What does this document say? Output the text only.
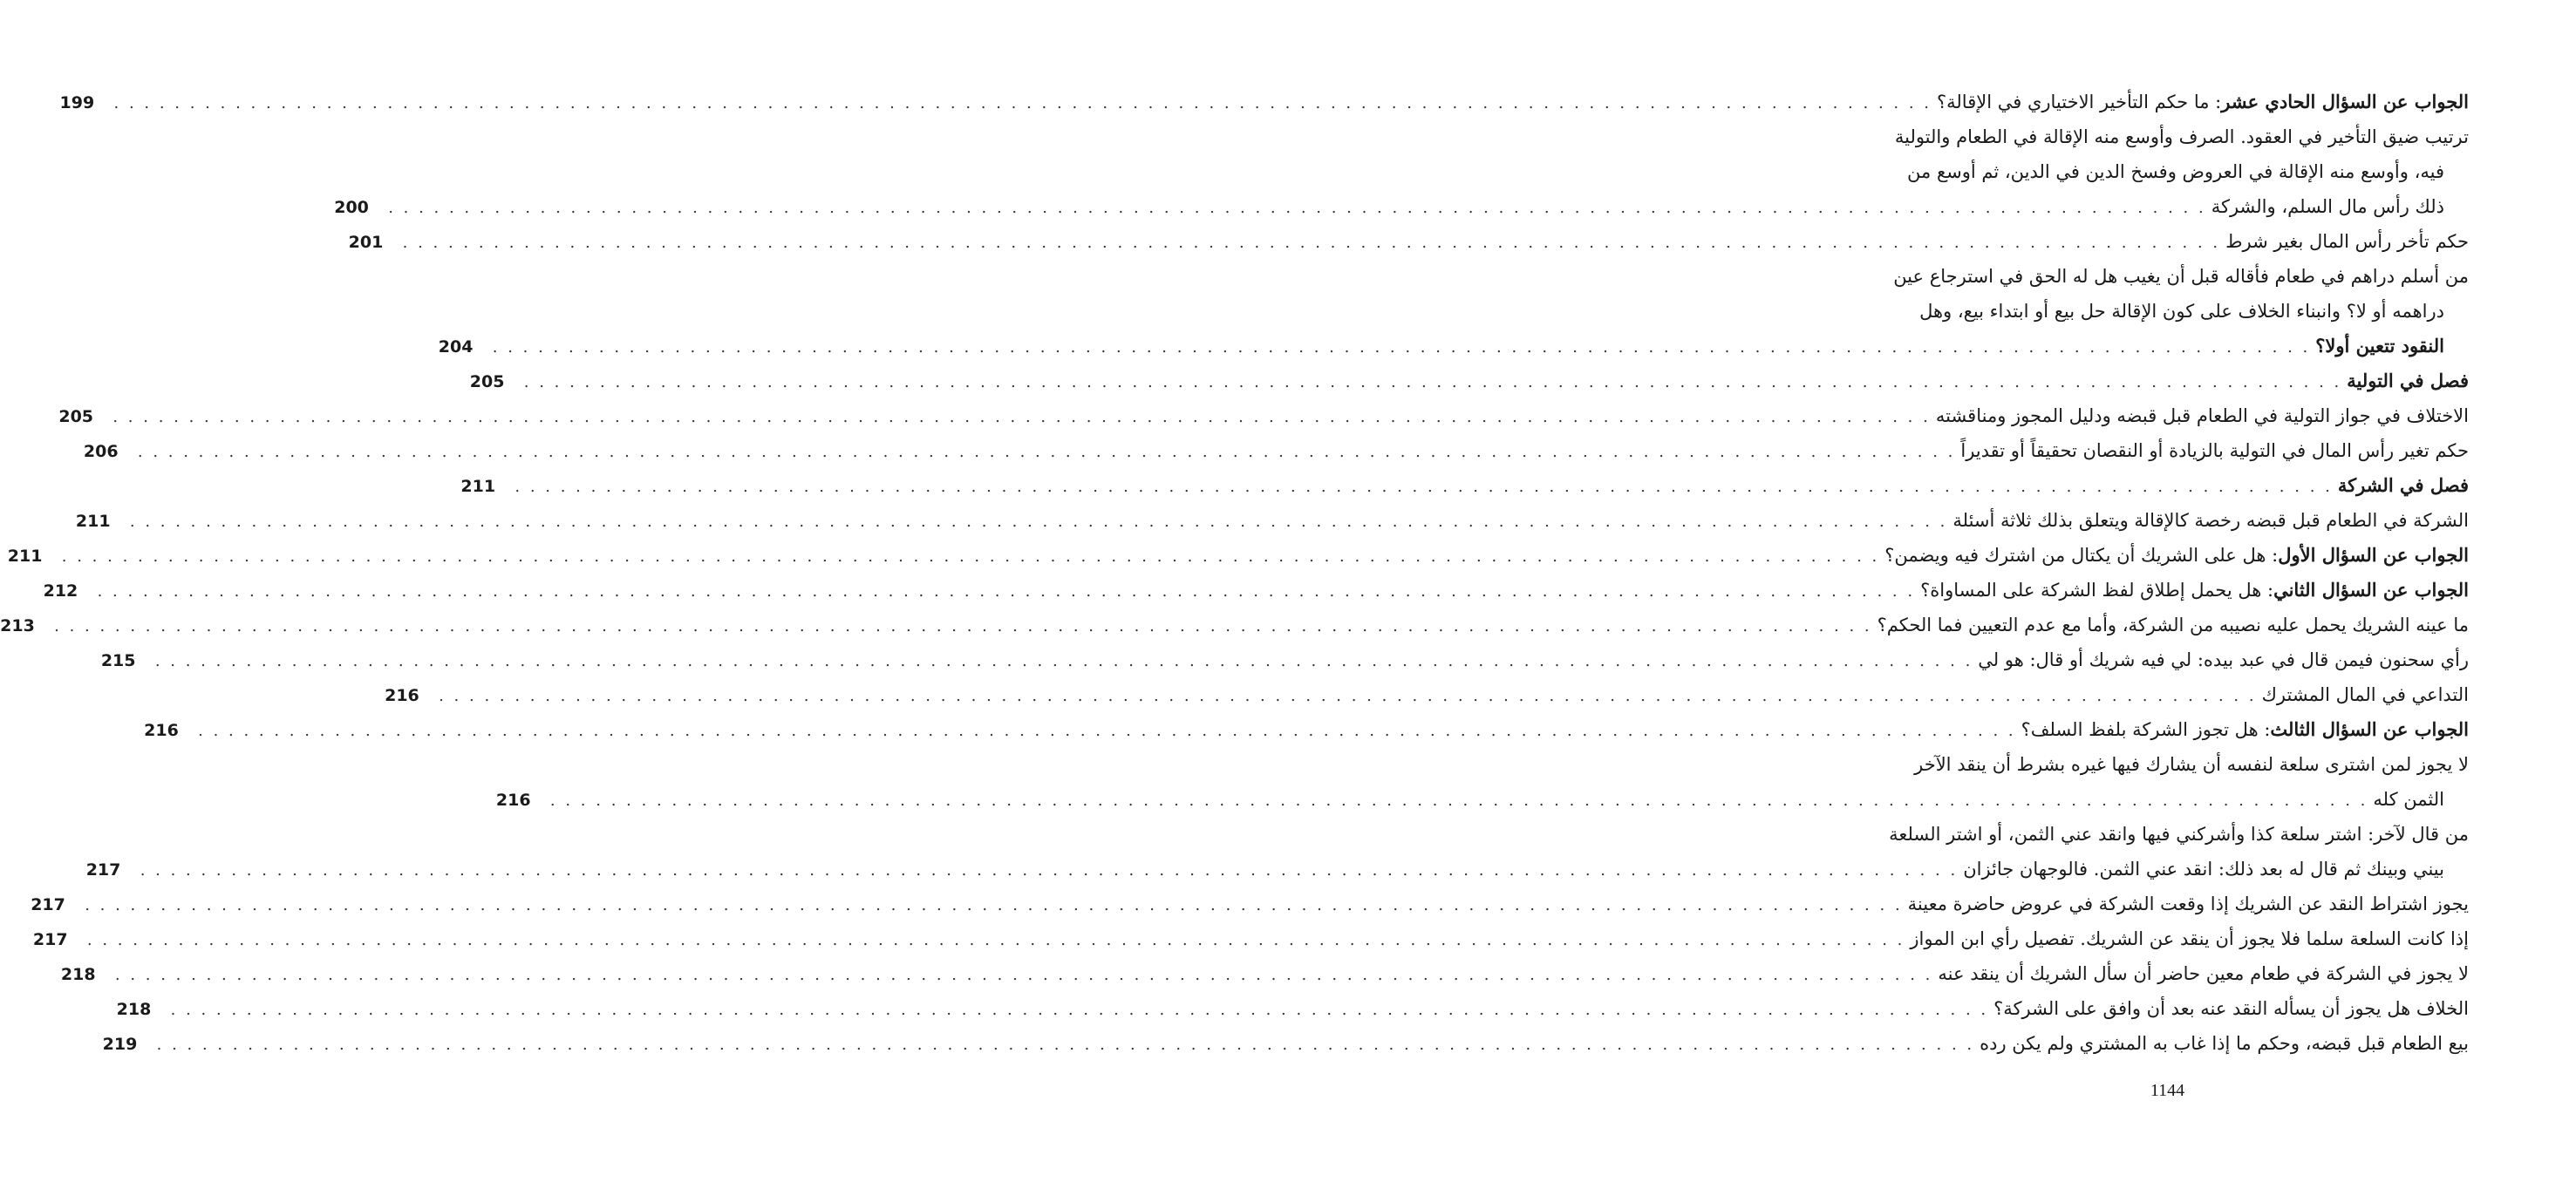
الجواب عن السؤال الحادي عشر: ما حكم التأخير الاختياري في الإقالة؟
. . . . . . . . . . . . . . . . . . . . . . . . . . . . . . . . . . . . . . . . . . . . . . . . . . . . . . . . . . . . . . . . . . . . . . . . . . . . . . . . . . . . . . . . . . . . . . . . . . . . . . . . . . . . . . . . . . . . . . . .
199
ترتيب ضيق التأخير في العقود. الصرف وأوسع منه الإقالة في الطعام والتولية
فيه، وأوسع منه الإقالة في العروض وفسخ الدين في الدين، ثم أوسع من
ذلك رأس مال السلم، والشركة
. . . . . . . . . . . . . . . . . . . . . . . . . . . . . . . . . . . . . . . . . . . . . . . . . . . . . . . . . . . . . . . . . . . . . . . . . . . . . . . . . . . . . . . . . . . . . . . . . . . . . . . . . . . . . . . . . . . . . . . .
200
حكم تأخر رأس المال بغير شرط
. . . . . . . . . . . . . . . . . . . . . . . . . . . . . . . . . . . . . . . . . . . . . . . . . . . . . . . . . . . . . . . . . . . . . . . . . . . . . . . . . . . . . . . . . . . . . . . . . . . . . . . . . . . . . . . . . . . . . . . .
201
من أسلم دراهم في طعام فأقاله قبل أن يغيب هل له الحق في استرجاع عين
دراهمه أو لا؟ وانبناء الخلاف على كون الإقالة حل بيع أو ابتداء بيع، وهل
النقود تتعين أولا؟
. . . . . . . . . . . . . . . . . . . . . . . . . . . . . . . . . . . . . . . . . . . . . . . . . . . . . . . . . . . . . . . . . . . . . . . . . . . . . . . . . . . . . . . . . . . . . . . . . . . . . . . . . . . . . . . . . . . . . . . .
204
فصل في التولية
. . . . . . . . . . . . . . . . . . . . . . . . . . . . . . . . . . . . . . . . . . . . . . . . . . . . . . . . . . . . . . . . . . . . . . . . . . . . . . . . . . . . . . . . . . . . . . . . . . . . . . . . . . . . . . . . . . . . . . . .
205
الاختلاف في جواز التولية في الطعام قبل قبضه ودليل المجوز ومناقشته
. . . . . . . . . . . . . . . . . . . . . . . . . . . . . . . . . . . . . . . . . . . . . . . . . . . . . . . . . . . . . . . . . . . . . . . . . . . . . . . . . . . . . . . . . . . . . . . . . . . . . . . . . . . . . . . . . . . . . . . .
205
حكم تغير رأس المال في التولية بالزيادة أو النقصان تحقيقاً أو تقديراً
. . . . . . . . . . . . . . . . . . . . . . . . . . . . . . . . . . . . . . . . . . . . . . . . . . . . . . . . . . . . . . . . . . . . . . . . . . . . . . . . . . . . . . . . . . . . . . . . . . . . . . . . . . . . . . . . . . . . . . . .
206
فصل في الشركة
. . . . . . . . . . . . . . . . . . . . . . . . . . . . . . . . . . . . . . . . . . . . . . . . . . . . . . . . . . . . . . . . . . . . . . . . . . . . . . . . . . . . . . . . . . . . . . . . . . . . . . . . . . . . . . . . . . . . . . . .
211
الشركة في الطعام قبل قبضه رخصة كالإقالة ويتعلق بذلك ثلاثة أسئلة
. . . . . . . . . . . . . . . . . . . . . . . . . . . . . . . . . . . . . . . . . . . . . . . . . . . . . . . . . . . . . . . . . . . . . . . . . . . . . . . . . . . . . . . . . . . . . . . . . . . . . . . . . . . . . . . . . . . . . . . .
211
الجواب عن السؤال الأول: هل على الشريك أن يكتال من اشترك فيه ويضمن؟
. . . . . . . . . . . . . . . . . . . . . . . . . . . . . . . . . . . . . . . . . . . . . . . . . . . . . . . . . . . . . . . . . . . . . . . . . . . . . . . . . . . . . . . . . . . . . . . . . . . . . . . . . . . . . . . . . . . . . . . .
211
الجواب عن السؤال الثاني: هل يحمل إطلاق لفظ الشركة على المساواة؟
. . . . . . . . . . . . . . . . . . . . . . . . . . . . . . . . . . . . . . . . . . . . . . . . . . . . . . . . . . . . . . . . . . . . . . . . . . . . . . . . . . . . . . . . . . . . . . . . . . . . . . . . . . . . . . . . . . . . . . . .
212
ما عينه الشريك يحمل عليه نصيبه من الشركة، وأما مع عدم التعيين فما الحكم؟
. . . . . . . . . . . . . . . . . . . . . . . . . . . . . . . . . . . . . . . . . . . . . . . . . . . . . . . . . . . . . . . . . . . . . . . . . . . . . . . . . . . . . . . . . . . . . . . . . . . . . . . . . . . . . . . . . . . . . . . .
213
رأي سحنون فيمن قال في عبد بيده: لي فيه شريك أو قال: هو لي
. . . . . . . . . . . . . . . . . . . . . . . . . . . . . . . . . . . . . . . . . . . . . . . . . . . . . . . . . . . . . . . . . . . . . . . . . . . . . . . . . . . . . . . . . . . . . . . . . . . . . . . . . . . . . . . . . . . . . . . .
215
التداعي في المال المشترك
. . . . . . . . . . . . . . . . . . . . . . . . . . . . . . . . . . . . . . . . . . . . . . . . . . . . . . . . . . . . . . . . . . . . . . . . . . . . . . . . . . . . . . . . . . . . . . . . . . . . . . . . . . . . . . . . . . . . . . . .
216
الجواب عن السؤال الثالث: هل تجوز الشركة بلفظ السلف؟
. . . . . . . . . . . . . . . . . . . . . . . . . . . . . . . . . . . . . . . . . . . . . . . . . . . . . . . . . . . . . . . . . . . . . . . . . . . . . . . . . . . . . . . . . . . . . . . . . . . . . . . . . . . . . . . . . . . . . . . .
216
لا يجوز لمن اشترى سلعة لنفسه أن يشارك فيها غيره بشرط أن ينقد الآخر
الثمن كله
. . . . . . . . . . . . . . . . . . . . . . . . . . . . . . . . . . . . . . . . . . . . . . . . . . . . . . . . . . . . . . . . . . . . . . . . . . . . . . . . . . . . . . . . . . . . . . . . . . . . . . . . . . . . . . . . . . . . . . . .
216
من قال لآخر: اشتر سلعة كذا وأشركني فيها وانقد عني الثمن، أو اشتر السلعة
بيني وبينك ثم قال له بعد ذلك: انقد عني الثمن. فالوجهان جائزان
. . . . . . . . . . . . . . . . . . . . . . . . . . . . . . . . . . . . . . . . . . . . . . . . . . . . . . . . . . . . . . . . . . . . . . . . . . . . . . . . . . . . . . . . . . . . . . . . . . . . . . . . . . . . . . . . . . . . . . . .
217
يجوز اشتراط النقد عن الشريك إذا وقعت الشركة في عروض حاضرة معينة
. . . . . . . . . . . . . . . . . . . . . . . . . . . . . . . . . . . . . . . . . . . . . . . . . . . . . . . . . . . . . . . . . . . . . . . . . . . . . . . . . . . . . . . . . . . . . . . . . . . . . . . . . . . . . . . . . . . . . . . .
217
إذا كانت السلعة سلما فلا يجوز أن ينقد عن الشريك. تفصيل رأي ابن المواز
. . . . . . . . . . . . . . . . . . . . . . . . . . . . . . . . . . . . . . . . . . . . . . . . . . . . . . . . . . . . . . . . . . . . . . . . . . . . . . . . . . . . . . . . . . . . . . . . . . . . . . . . . . . . . . . . . . . . . . . .
217
لا يجوز في الشركة في طعام معين حاضر أن سأل الشريك أن ينقد عنه
. . . . . . . . . . . . . . . . . . . . . . . . . . . . . . . . . . . . . . . . . . . . . . . . . . . . . . . . . . . . . . . . . . . . . . . . . . . . . . . . . . . . . . . . . . . . . . . . . . . . . . . . . . . . . . . . . . . . . . . .
218
الخلاف هل يجوز أن يسأله النقد عنه بعد أن وافق على الشركة؟
. . . . . . . . . . . . . . . . . . . . . . . . . . . . . . . . . . . . . . . . . . . . . . . . . . . . . . . . . . . . . . . . . . . . . . . . . . . . . . . . . . . . . . . . . . . . . . . . . . . . . . . . . . . . . . . . . . . . . . . .
218
بيع الطعام قبل قبضه، وحكم ما إذا غاب به المشتري ولم يكن رده
. . . . . . . . . . . . . . . . . . . . . . . . . . . . . . . . . . . . . . . . . . . . . . . . . . . . . . . . . . . . . . . . . . . . . . . . . . . . . . . . . . . . . . . . . . . . . . . . . . . . . . . . . . . . . . . . . . . . . . . .
219
1144
